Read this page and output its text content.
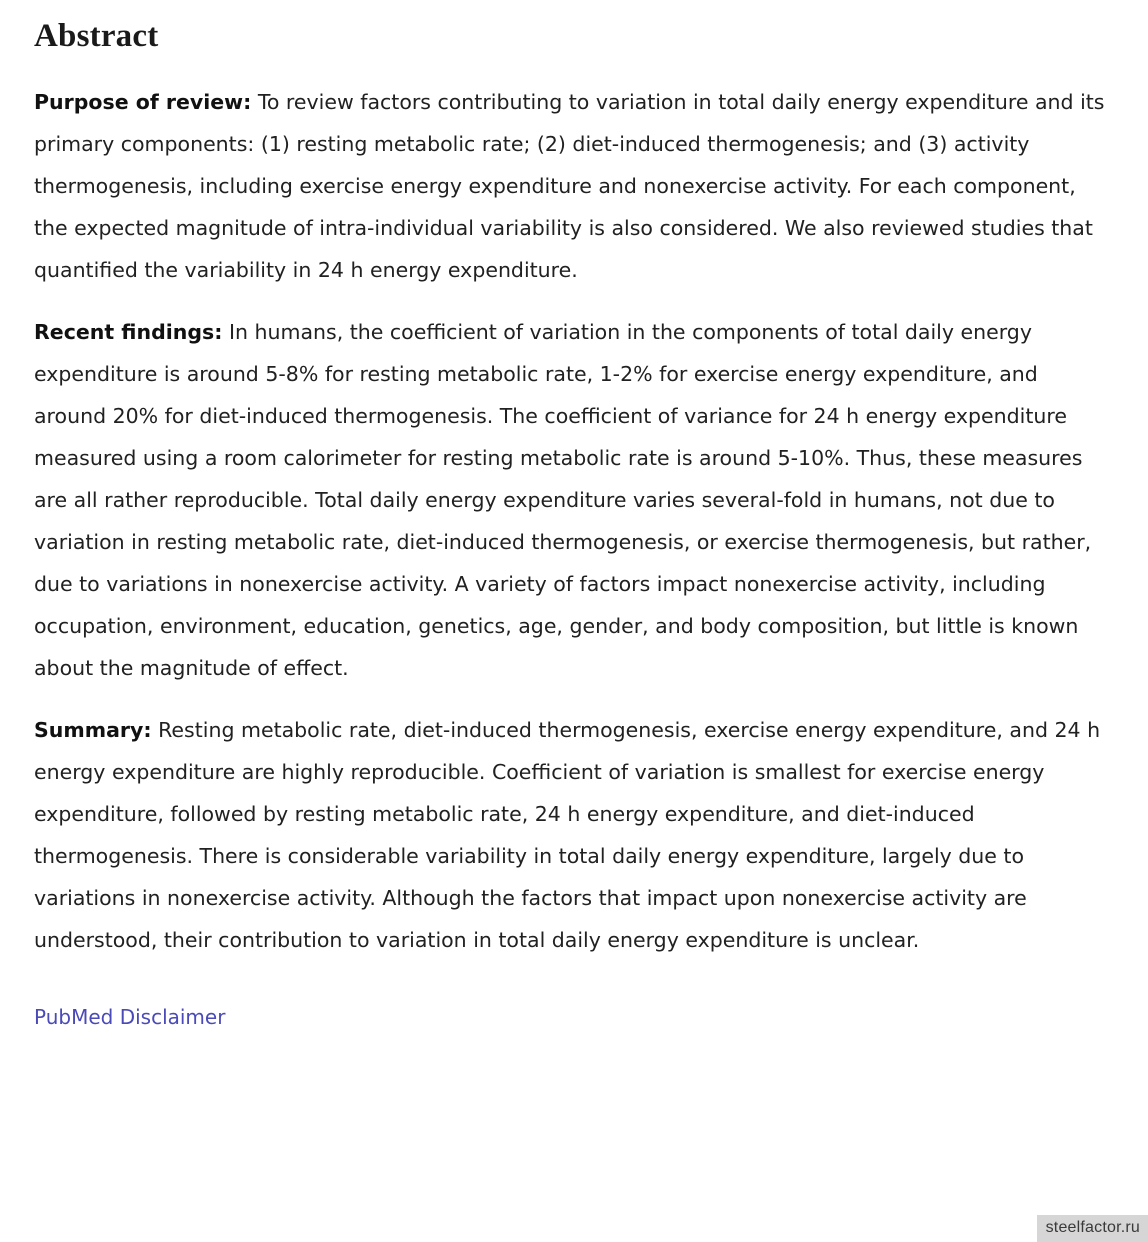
Abstract

Purpose of review: To review factors contributing to variation in total daily energy expenditure and its primary components: (1) resting metabolic rate; (2) diet-induced thermogenesis; and (3) activity thermogenesis, including exercise energy expenditure and nonexercise activity. For each component, the expected magnitude of intra-individual variability is also considered. We also reviewed studies that quantified the variability in 24 h energy expenditure.

Recent findings: In humans, the coefficient of variation in the components of total daily energy expenditure is around 5-8% for resting metabolic rate, 1-2% for exercise energy expenditure, and around 20% for diet-induced thermogenesis. The coefficient of variance for 24 h energy expenditure measured using a room calorimeter for resting metabolic rate is around 5-10%. Thus, these measures are all rather reproducible. Total daily energy expenditure varies several-fold in humans, not due to variation in resting metabolic rate, diet-induced thermogenesis, or exercise thermogenesis, but rather, due to variations in nonexercise activity. A variety of factors impact nonexercise activity, including occupation, environment, education, genetics, age, gender, and body composition, but little is known about the magnitude of effect.

Summary: Resting metabolic rate, diet-induced thermogenesis, exercise energy expenditure, and 24 h energy expenditure are highly reproducible. Coefficient of variation is smallest for exercise energy expenditure, followed by resting metabolic rate, 24 h energy expenditure, and diet-induced thermogenesis. There is considerable variability in total daily energy expenditure, largely due to variations in nonexercise activity. Although the factors that impact upon nonexercise activity are understood, their contribution to variation in total daily energy expenditure is unclear.

PubMed Disclaimer
steelfactor.ru
